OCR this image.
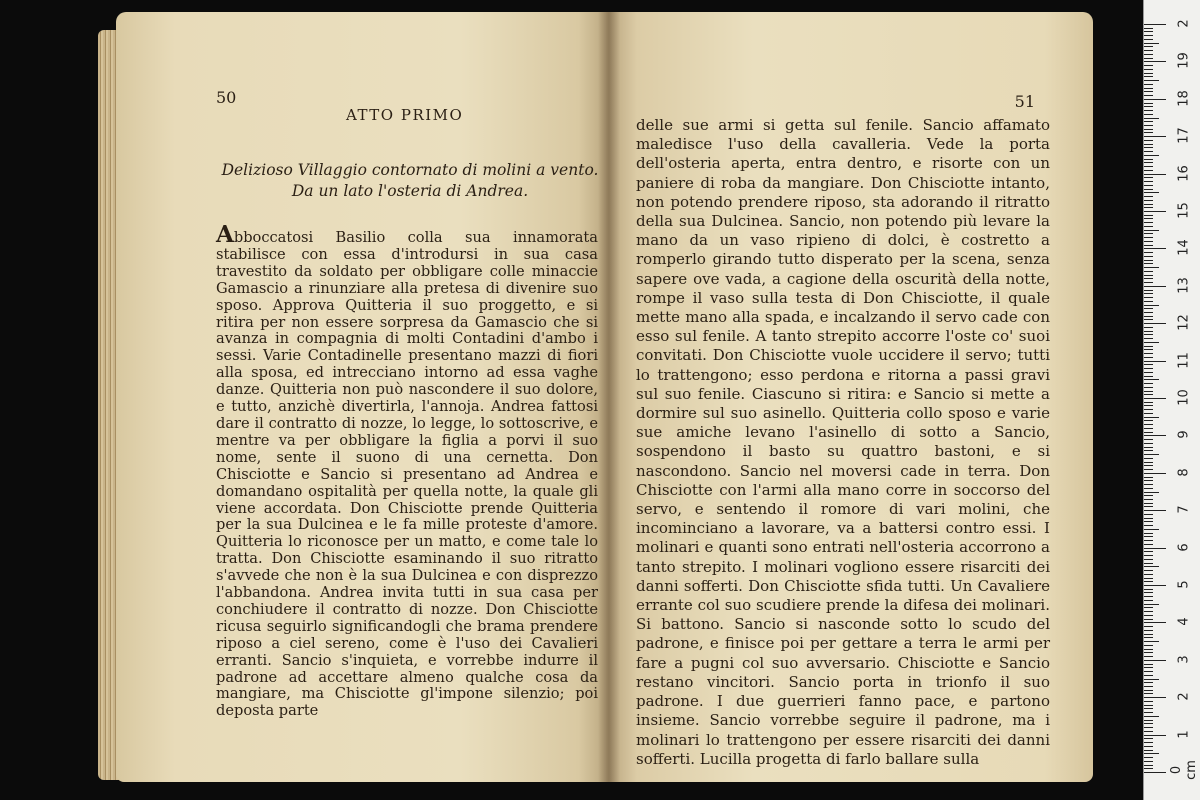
50
ATTO PRIMO

Delizioso Villaggio contornato di molini a vento.

Da un lato l'osteria di Andrea.

Abboccatosi Basilio colla sua innamorata stabilisce con essa d'introdursi in sua casa travestito da soldato per obbligare colle minaccie Gamascio a rinunziare alla pretesa di divenire suo sposo. Approva Quitteria il suo proggetto, e si ritira per non essere sorpresa da Gamascio che si avanza in compagnia di molti Contadini d'ambo i sessi. Varie Contadinelle presentano mazzi di fiori alla sposa, ed intrecciano intorno ad essa vaghe danze. Quitteria non può nascondere il suo dolore, e tutto, anzichè divertirla, l'annoja. Andrea fattosi dare il contratto di nozze, lo legge, lo sottoscrive, e mentre va per obbligare la figlia a porvi il suo nome, sente il suono di una cernetta. Don Chisciotte e Sancio si presentano ad Andrea e domandano ospitalità per quella notte, la quale gli viene accordata. Don Chisciotte prende Quitteria per la sua Dulcinea e le fa mille proteste d'amore. Quitteria lo riconosce per un matto, e come tale lo tratta. Don Chisciotte esaminando il suo ritratto s'avvede che non è la sua Dulcinea e con disprezzo l'abbandona. Andrea invita tutti in sua casa per conchiudere il contratto di nozze. Don Chisciotte ricusa seguirlo significandogli che brama prendere riposo a ciel sereno, come è l'uso dei Cavalieri erranti. Sancio s'inquieta, e vorrebbe indurre il padrone ad accettare almeno qualche cosa da mangiare, ma Chisciotte gl'impone silenzio; poi deposta parte

51

delle sue armi si getta sul fenile. Sancio affamato maledisce l'uso della cavalleria. Vede la porta dell'osteria aperta, entra dentro, e risorte con un paniere di roba da mangiare. Don Chisciotte intanto, non potendo prendere riposo, sta adorando il ritratto della sua Dulcinea. Sancio, non potendo più levare la mano da un vaso ripieno di dolci, è costretto a romperlo girando tutto disperato per la scena, senza sapere ove vada, a cagione della oscurità della notte, rompe il vaso sulla testa di Don Chisciotte, il quale mette mano alla spada, e incalzando il servo cade con esso sul fenile. A tanto strepito accorre l'oste co' suoi convitati. Don Chisciotte vuole uccidere il servo; tutti lo trattengono; esso perdona e ritorna a passi gravi sul suo fenile. Ciascuno si ritira: e Sancio si mette a dormire sul suo asinello. Quitteria collo sposo e varie sue amiche levano l'asinello di sotto a Sancio, sospendono il basto su quattro bastoni, e si nascondono. Sancio nel moversi cade in terra. Don Chisciotte con l'armi alla mano corre in soccorso del servo, e sentendo il romore di vari molini, che incominciano a lavorare, va a battersi contro essi. I molinari e quanti sono entrati nell'osteria accorrono a tanto strepito. I molinari vogliono essere risarciti dei danni sofferti. Don Chisciotte sfida tutti. Un Cavaliere errante col suo scudiere prende la difesa dei molinari. Si battono. Sancio si nasconde sotto lo scudo del padrone, e finisce poi per gettare a terra le armi per fare a pugni col suo avversario. Chisciotte e Sancio restano vincitori. Sancio porta in trionfo il suo padrone. I due guerrieri fanno pace, e partono insieme. Sancio vorrebbe seguire il padrone, ma i molinari lo trattengono per essere risarciti dei danni sofferti. Lucilla progetta di farlo ballare sulla

0 cm
1
2
3
4
5
6
7
8
9
10
11
12
13
14
15
16
17
18
19
2
